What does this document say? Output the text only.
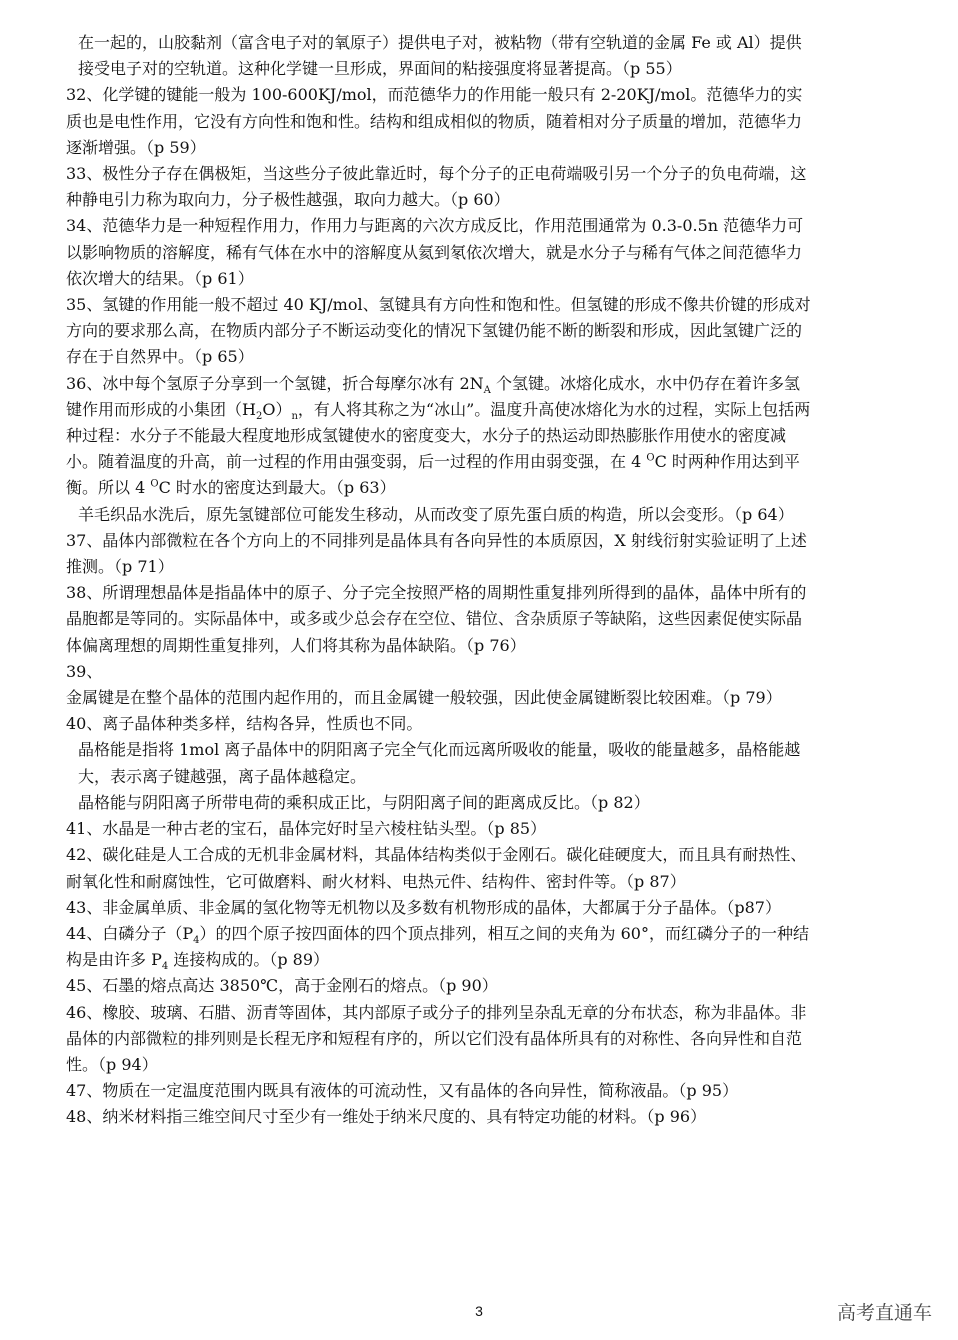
在一起的，山胶黏剂（富含电子对的氧原子）提供电子对，被粘物（带有空轨道的金属 Fe 或 Al）提供接受电子对的空轨道。这种化学键一旦形成，界面间的粘接强度将显著提高。（p 55）

32、化学键的键能一般为 100-600KJ/mol，而范德华力的作用能一般只有 2-20KJ/mol。范德华力的实质也是电性作用，它没有方向性和饱和性。结构和组成相似的物质，随着相对分子质量的增加，范德华力逐渐增强。（p 59）
33、极性分子存在偶极矩，当这些分子彼此靠近时，每个分子的正电荷端吸引另一个分子的负电荷端，这种静电引力称为取向力，分子极性越强，取向力越大。（p 60）
34、范德华力是一种短程作用力，作用力与距离的六次方成反比，作用范围通常为 0.3-0.5n 范德华力可以影响物质的溶解度，稀有气体在水中的溶解度从氦到氡依次增大，就是水分子与稀有气体之间范德华力依次增大的结果。（p 61）
35、氢键的作用能一般不超过 40 KJ/mol、氢键具有方向性和饱和性。但氢键的形成不像共价键的形成对方向的要求那么高，在物质内部分子不断运动变化的情况下氢键仍能不断的断裂和形成，因此氢键广泛的存在于自然界中。（p 65）
36、冰中每个氢原子分享到一个氢键，折合每摩尔冰有 $2N_A$ 个氢键。冰熔化成水，水中仍存在着许多氢键作用而形成的小集团$(H_2O)_n$，有人将其称之为“冰山”。温度升高使冰熔化为水的过程，实际上包括两种过程：水分子不能最大程度地形成氢键使水的密度变大，水分子的热运动即热膨胀作用使水的密度减小。随着温度的升高，前一过程的作用由强变弱，后一过程的作用由弱变强，在 4 $^O$C 时两种作用达到平衡。所以 4 $^O$C 时水的密度达到最大。（p 63）

羊毛织品水洗后，原先氢键部位可能发生移动，从而改变了原先蛋白质的构造，所以会变形。（p 64）

37、晶体内部微粒在各个方向上的不同排列是晶体具有各向异性的本质原因，X 射线衍射实验证明了上述推测。（p 71）
38、所谓理想晶体是指晶体中的原子、分子完全按照严格的周期性重复排列所得到的晶体，晶体中所有的晶胞都是等同的。实际晶体中，或多或少总会存在空位、错位、含杂质原子等缺陷，这些因素促使实际晶体偏离理想的周期性重复排列，人们将其称为晶体缺陷。（p 76）
39、金属键是在整个晶体的范围内起作用的，而且金属键一般较强，因此使金属键断裂比较困难。（p 79）
40、离子晶体种类多样，结构各异，性质也不同。

晶格能是指将 1mol 离子晶体中的阴阳离子完全气化而远离所吸收的能量，吸收的能量越多，晶格能越大，表示离子键越强，离子晶体越稳定。

晶格能与阴阳离子所带电荷的乘积成正比，与阴阳离子间的距离成反比。（p 82）

41、水晶是一种古老的宝石，晶体完好时呈六棱柱钻头型。（p 85）
42、碳化硅是人工合成的无机非金属材料，其晶体结构类似于金刚石。碳化硅硬度大，而且具有耐热性、耐氧化性和耐腐蚀性，它可做磨料、耐火材料、电热元件、结构件、密封件等。（p 87）
43、非金属单质、非金属的氢化物等无机物以及多数有机物形成的晶体，大都属于分子晶体。（p87）
44、白磷分子$(P_4)$的四个原子按四面体的四个顶点排列，相互之间的夹角为 60°，而红磷分子的一种结构是由许多 $P_4$ 连接构成的。（p 89）
45、石墨的熔点高达 3850℃，高于金刚石的熔点。（p 90）
46、橡胶、玻璃、石腊、沥青等固体，其内部原子或分子的排列呈杂乱无章的分布状态，称为非晶体。非晶体的内部微粒的排列则是长程无序和短程有序的，所以它们没有晶体所具有的对称性、各向异性和自范性。（p 94）
47、物质在一定温度范围内既具有液体的可流动性，又有晶体的各向异性，简称液晶。（p 95）
48、纳米材料指三维空间尺寸至少有一维处于纳米尺度的、具有特定功能的材料。（p 96）
3	高考直通车
